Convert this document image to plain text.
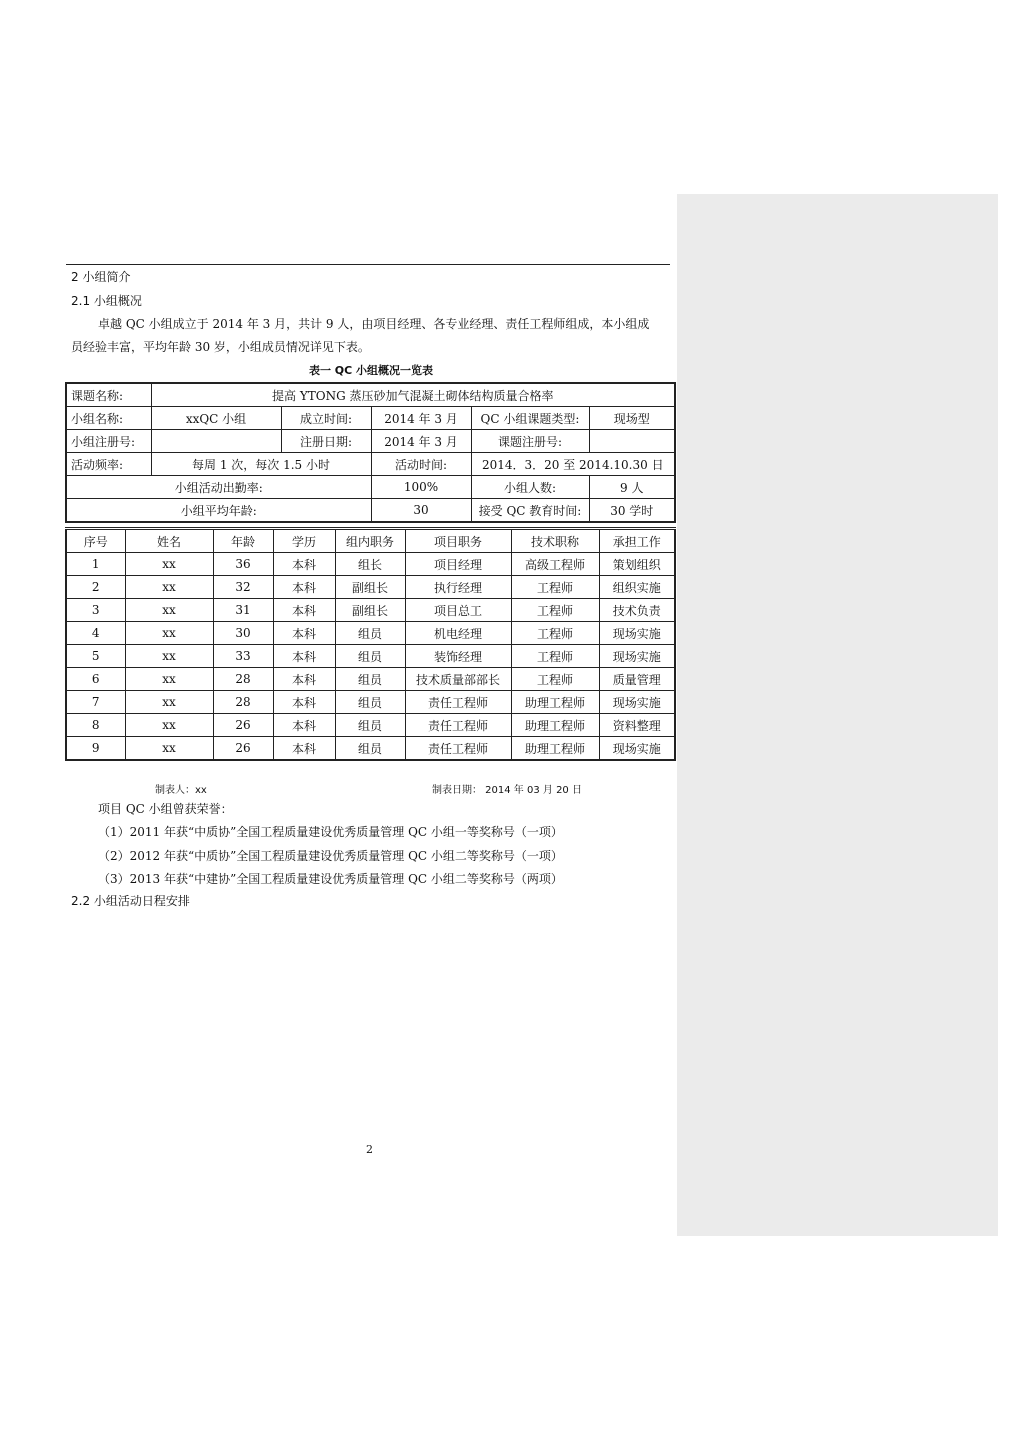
2 小组简介
2.1 小组概况
卓越 QC 小组成立于 2014 年 3 月，共计 9 人，由项目经理、各专业经理、责任工程师组成，本小组成
员经验丰富，平均年龄 30 岁，小组成员情况详见下表。
表一 QC 小组概况一览表
课题名称:	提高 YTONG 蒸压砂加气混凝土砌体结构质量合格率				
小组名称:	xxQC 小组	成立时间:	2014 年 3 月	QC 小组课题类型:	现场型
小组注册号:		注册日期:	2014 年 3 月	课题注册号:	
活动频率:	每周 1 次，每次 1.5 小时		活动时间:	2014．3．20 至 2014.10.30 日	
小组活动出勤率:			100%	小组人数:	9 人
小组平均年龄:			30	接受 QC 教育时间:	30 学时
序号	姓名	年龄	学历	组内职务	项目职务	技术职称	承担工作
1	xx	36	本科	组长	项目经理	高级工程师	策划组织
2	xx	32	本科	副组长	执行经理	工程师	组织实施
3	xx	31	本科	副组长	项目总工	工程师	技术负责
4	xx	30	本科	组员	机电经理	工程师	现场实施
5	xx	33	本科	组员	装饰经理	工程师	现场实施
6	xx	28	本科	组员	技术质量部部长	工程师	质量管理
7	xx	28	本科	组员	责任工程师	助理工程师	现场实施
8	xx	26	本科	组员	责任工程师	助理工程师	资料整理
9	xx	26	本科	组员	责任工程师	助理工程师	现场实施
制表人：xx	制表日期： 2014 年 03 月 20 日
项目 QC 小组曾获荣誉：
（1）2011 年获“中质协”全国工程质量建设优秀质量管理 QC 小组一等奖称号（一项）
（2）2012 年获“中质协”全国工程质量建设优秀质量管理 QC 小组二等奖称号（一项）
（3）2013 年获“中建协”全国工程质量建设优秀质量管理 QC 小组二等奖称号（两项）
2.2 小组活动日程安排
2
